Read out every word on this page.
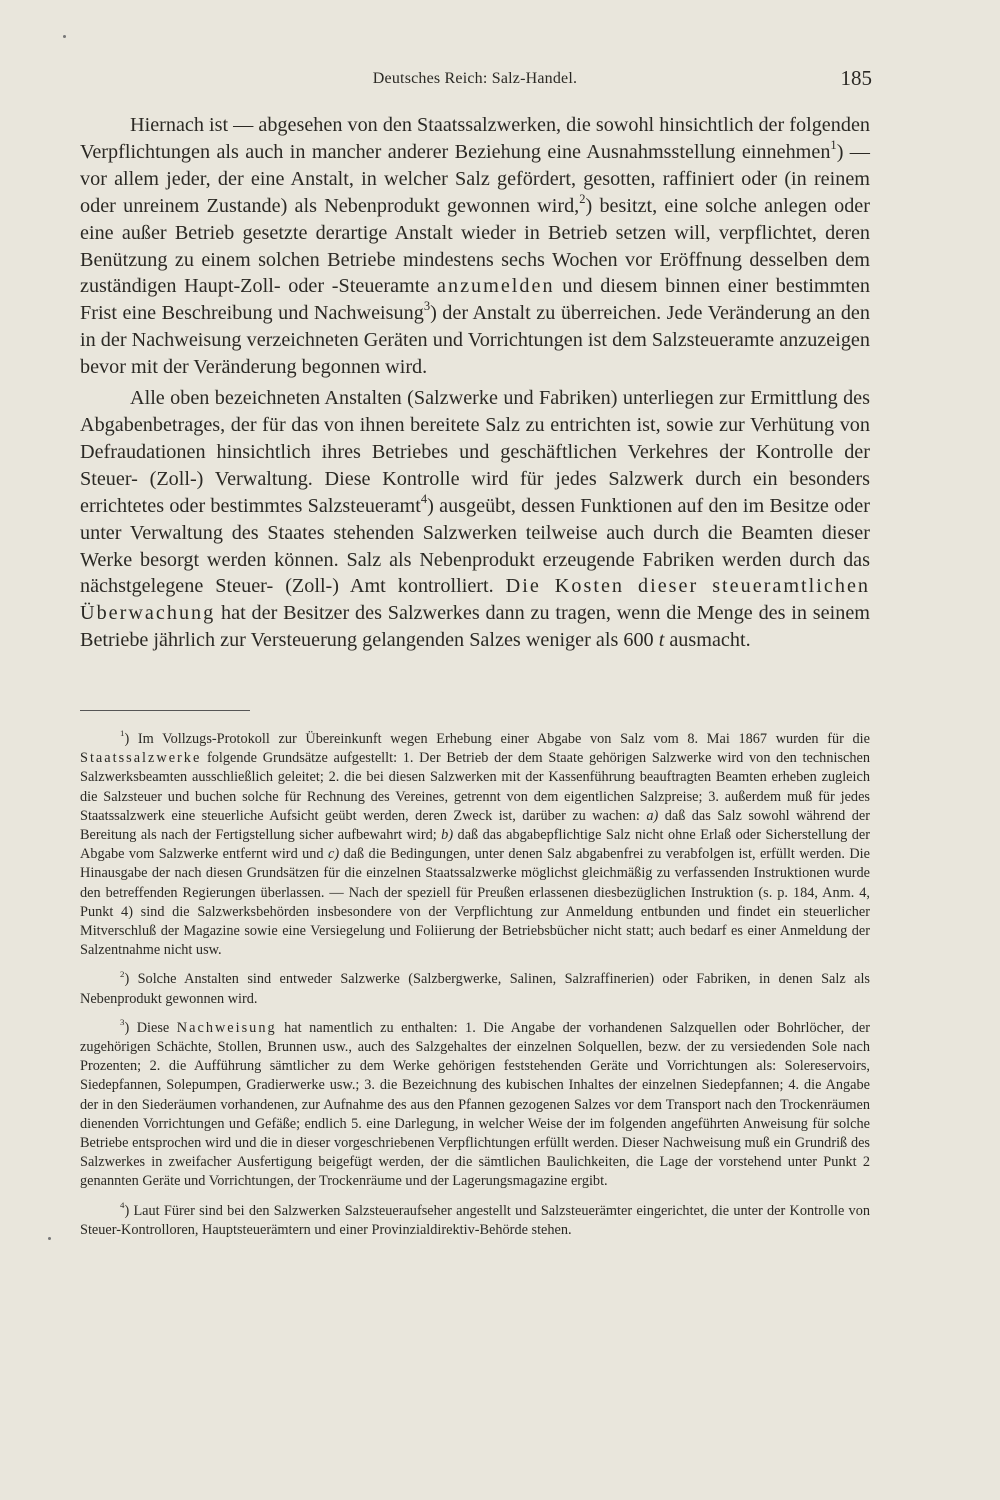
Deutsches Reich: Salz-Handel.	185

Hiernach ist — abgesehen von den Staatssalzwerken, die sowohl hinsichtlich der folgenden Verpflichtungen als auch in mancher anderer Beziehung eine Ausnahmsstellung einnehmen$^1$) — vor allem jeder, der eine Anstalt, in welcher Salz gefördert, gesotten, raffiniert oder (in reinem oder unreinem Zustande) als Nebenprodukt gewonnen wird,$^2$) besitzt, eine solche anlegen oder eine außer Betrieb gesetzte derartige Anstalt wieder in Betrieb setzen will, verpflichtet, deren Benützung zu einem solchen Betriebe mindestens sechs Wochen vor Eröffnung desselben dem zuständigen Haupt-Zoll- oder -Steueramte anzumelden und diesem binnen einer bestimmten Frist eine Beschreibung und Nachweisung$^3$) der Anstalt zu überreichen. Jede Veränderung an den in der Nachweisung verzeichneten Geräten und Vorrichtungen ist dem Salzsteueramte anzuzeigen bevor mit der Veränderung begonnen wird.

Alle oben bezeichneten Anstalten (Salzwerke und Fabriken) unterliegen zur Ermittlung des Abgabenbetrages, der für das von ihnen bereitete Salz zu entrichten ist, sowie zur Verhütung von Defraudationen hinsichtlich ihres Betriebes und geschäftlichen Verkehres der Kontrolle der Steuer- (Zoll-) Verwaltung. Diese Kontrolle wird für jedes Salzwerk durch ein besonders errichtetes oder bestimmtes Salzsteueramt$^4$) ausgeübt, dessen Funktionen auf den im Besitze oder unter Verwaltung des Staates stehenden Salzwerken teilweise auch durch die Beamten dieser Werke besorgt werden können. Salz als Nebenprodukt erzeugende Fabriken werden durch das nächstgelegene Steuer- (Zoll-) Amt kontrolliert. Die Kosten dieser steueramtlichen Überwachung hat der Besitzer des Salzwerkes dann zu tragen, wenn die Menge des in seinem Betriebe jährlich zur Versteuerung gelangenden Salzes weniger als 600 t ausmacht.

$^1$) Im Vollzugs-Protokoll zur Übereinkunft wegen Erhebung einer Abgabe von Salz vom 8. Mai 1867 wurden für die Staatssalzwerke folgende Grundsätze aufgestellt: 1. Der Betrieb der dem Staate gehörigen Salzwerke wird von den technischen Salzwerksbeamten ausschließlich geleitet; 2. die bei diesen Salzwerken mit der Kassenführung beauftragten Beamten erheben zugleich die Salzsteuer und buchen solche für Rechnung des Vereines, getrennt von dem eigentlichen Salzpreise; 3. außerdem muß für jedes Staatssalzwerk eine steuerliche Aufsicht geübt werden, deren Zweck ist, darüber zu wachen: a) daß das Salz sowohl während der Bereitung als nach der Fertigstellung sicher aufbewahrt wird; b) daß das abgabepflichtige Salz nicht ohne Erlaß oder Sicherstellung der Abgabe vom Salzwerke entfernt wird und c) daß die Bedingungen, unter denen Salz abgabenfrei zu verabfolgen ist, erfüllt werden. Die Hinausgabe der nach diesen Grundsätzen für die einzelnen Staatssalzwerke möglichst gleichmäßig zu verfassenden Instruktionen wurde den betreffenden Regierungen überlassen. — Nach der speziell für Preußen erlassenen diesbezüglichen Instruktion (s. p. 184, Anm. 4, Punkt 4) sind die Salzwerksbehörden insbesondere von der Verpflichtung zur Anmeldung entbunden und findet ein steuerlicher Mitverschluß der Magazine sowie eine Versiegelung und Foliierung der Betriebsbücher nicht statt; auch bedarf es einer Anmeldung der Salzentnahme nicht usw.

$^2$) Solche Anstalten sind entweder Salzwerke (Salzbergwerke, Salinen, Salzraffinerien) oder Fabriken, in denen Salz als Nebenprodukt gewonnen wird.

$^3$) Diese Nachweisung hat namentlich zu enthalten: 1. Die Angabe der vorhandenen Salzquellen oder Bohrlöcher, der zugehörigen Schächte, Stollen, Brunnen usw., auch des Salzgehaltes der einzelnen Solquellen, bezw. der zu versiedenden Sole nach Prozenten; 2. die Aufführung sämtlicher zu dem Werke gehörigen feststehenden Geräte und Vorrichtungen als: Solereservoirs, Siedepfannen, Solepumpen, Gradierwerke usw.; 3. die Bezeichnung des kubischen Inhaltes der einzelnen Siedepfannen; 4. die Angabe der in den Siederäumen vorhandenen, zur Aufnahme des aus den Pfannen gezogenen Salzes vor dem Transport nach den Trockenräumen dienenden Vorrichtungen und Gefäße; endlich 5. eine Darlegung, in welcher Weise der im folgenden angeführten Anweisung für solche Betriebe entsprochen wird und die in dieser vorgeschriebenen Verpflichtungen erfüllt werden. Dieser Nachweisung muß ein Grundriß des Salzwerkes in zweifacher Ausfertigung beigefügt werden, der die sämtlichen Baulichkeiten, die Lage der vorstehend unter Punkt 2 genannten Geräte und Vorrichtungen, der Trockenräume und der Lagerungsmagazine ergibt.

$^4$) Laut Fürer sind bei den Salzwerken Salzsteueraufseher angestellt und Salzsteuerämter eingerichtet, die unter der Kontrolle von Steuer-Kontrolloren, Hauptsteuerämtern und einer Provinzialdirektiv-Behörde stehen.
